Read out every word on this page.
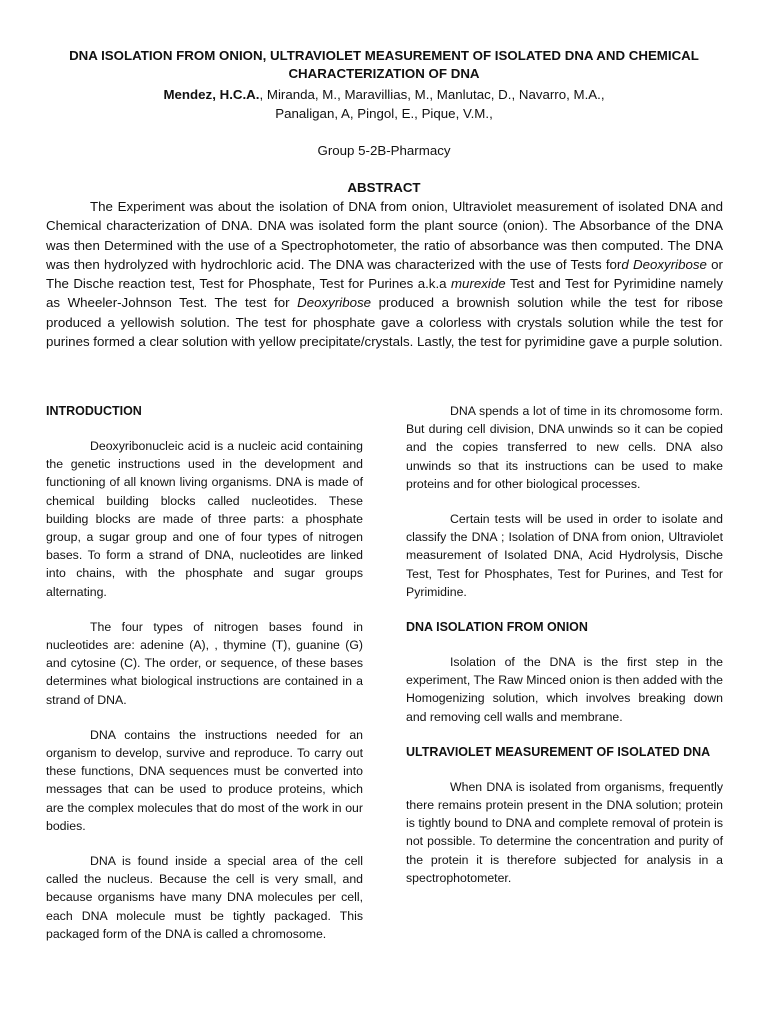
DNA ISOLATION FROM ONION, ULTRAVIOLET MEASUREMENT OF ISOLATED DNA AND CHEMICAL CHARACTERIZATION OF DNA
Mendez, H.C.A., Miranda, M., Maravillias, M., Manlutac, D., Navarro, M.A.,
Panaligan, A, Pingol, E., Pique, V.M.,
Group 5-2B-Pharmacy
ABSTRACT

The Experiment was about the isolation of DNA from onion, Ultraviolet measurement of isolated DNA and Chemical characterization of DNA. DNA was isolated form the plant source (onion). The Absorbance of the DNA was then Determined with the use of a Spectrophotometer, the ratio of absorbance was then computed. The DNA was then hydrolyzed with hydrochloric acid. The DNA was characterized with the use of Tests ford Deoxyribose or The Dische reaction test, Test for Phosphate, Test for Purines a.k.a murexide Test and Test for Pyrimidine namely as Wheeler-Johnson Test. The test for Deoxyribose produced a brownish solution while the test for ribose produced a yellowish solution. The test for phosphate gave a colorless with crystals solution while the test for purines formed a clear solution with yellow precipitate/crystals. Lastly, the test for pyrimidine gave a purple solution.

INTRODUCTION

Deoxyribonucleic acid is a nucleic acid containing the genetic instructions used in the development and functioning of all known living organisms. DNA is made of chemical building blocks called nucleotides. These building blocks are made of three parts: a phosphate group, a sugar group and one of four types of nitrogen bases. To form a strand of DNA, nucleotides are linked into chains, with the phosphate and sugar groups alternating.

The four types of nitrogen bases found in nucleotides are: adenine (A), , thymine (T), guanine (G) and cytosine (C). The order, or sequence, of these bases determines what biological instructions are contained in a strand of DNA.

DNA contains the instructions needed for an organism to develop, survive and reproduce. To carry out these functions, DNA sequences must be converted into messages that can be used to produce proteins, which are the complex molecules that do most of the work in our bodies.

DNA is found inside a special area of the cell called the nucleus. Because the cell is very small, and because organisms have many DNA molecules per cell, each DNA molecule must be tightly packaged. This packaged form of the DNA is called a chromosome.

DNA spends a lot of time in its chromosome form. But during cell division, DNA unwinds so it can be copied and the copies transferred to new cells. DNA also unwinds so that its instructions can be used to make proteins and for other biological processes.

Certain tests will be used in order to isolate and classify the DNA ; Isolation of DNA from onion, Ultraviolet measurement of Isolated DNA, Acid Hydrolysis, Dische Test, Test for Phosphates, Test for Purines, and Test for Pyrimidine.

DNA ISOLATION FROM ONION

Isolation of the DNA is the first step in the experiment, The Raw Minced onion is then added with the Homogenizing solution, which involves breaking down and removing cell walls and membrane.

ULTRAVIOLET MEASUREMENT OF ISOLATED DNA

When DNA is isolated from organisms, frequently there remains protein present in the DNA solution; protein is tightly bound to DNA and complete removal of protein is not possible. To determine the concentration and purity of the protein it is therefore subjected for analysis in a spectrophotometer.
